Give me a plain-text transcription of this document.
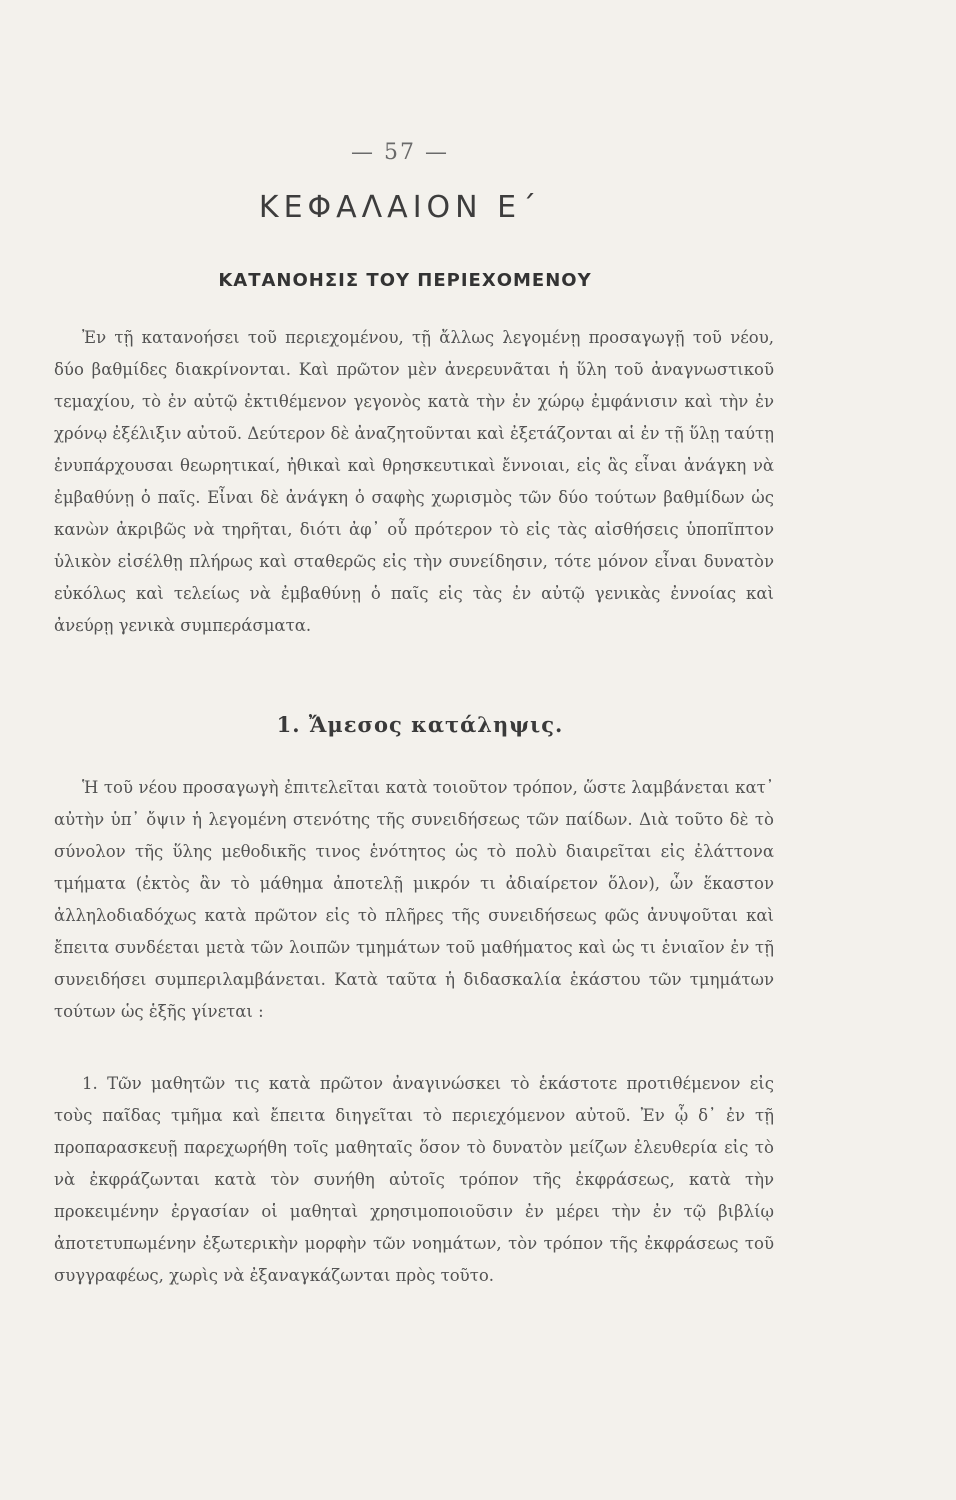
— 57 —
ΚΕΦΑΛΑΙΟΝ Ε΄
ΚΑΤΑΝΟΗΣΙΣ ΤΟΥ ΠΕΡΙΕΧΟΜΕΝΟΥ

Ἐν τῇ κατανοήσει τοῦ περιεχομένου, τῇ ἄλλως λεγομένῃ προσαγωγῇ τοῦ νέου, δύο βαθμίδες διακρίνονται. Καὶ πρῶτον μὲν ἀνερευνᾶται ἡ ὕλη τοῦ ἀναγνωστικοῦ τεμαχίου, τὸ ἐν αὐτῷ ἐκτιθέμενον γεγονὸς κατὰ τὴν ἐν χώρῳ ἐμφάνισιν καὶ τὴν ἐν χρόνῳ ἐξέλιξιν αὐτοῦ. Δεύτερον δὲ ἀναζητοῦνται καὶ ἐξετάζονται αἱ ἐν τῇ ὕλῃ ταύτῃ ἐνυπάρχουσαι θεωρητικαί, ἠθικαὶ καὶ θρησκευτικαὶ ἔννοιαι, εἰς ἃς εἶναι ἀνάγκη νὰ ἐμβαθύνῃ ὁ παῖς. Εἶναι δὲ ἀνάγκη ὁ σαφὴς χωρισμὸς τῶν δύο τούτων βαθμίδων ὡς κανὼν ἀκριβῶς νὰ τηρῆται, διότι ἀφ᾽ οὗ πρότερον τὸ εἰς τὰς αἰσθήσεις ὑποπῖπτον ὑλικὸν εἰσέλθῃ πλήρως καὶ σταθερῶς εἰς τὴν συνείδησιν, τότε μόνον εἶναι δυνατὸν εὐκόλως καὶ τελείως νὰ ἐμβαθύνῃ ὁ παῖς εἰς τὰς ἐν αὐτῷ γενικὰς ἐννοίας καὶ ἀνεύρῃ γενικὰ συμπεράσματα.

1. Ἄμεσος κατάληψις.

Ἡ τοῦ νέου προσαγωγὴ ἐπιτελεῖται κατὰ τοιοῦτον τρόπον, ὥστε λαμβάνεται κατ᾽ αὐτὴν ὑπ᾽ ὄψιν ἡ λεγομένη στενότης τῆς συνειδήσεως τῶν παίδων. Διὰ τοῦτο δὲ τὸ σύνολον τῆς ὕλης μεθοδικῆς τινος ἑνότητος ὡς τὸ πολὺ διαιρεῖται εἰς ἐλάττονα τμήματα (ἐκτὸς ἂν τὸ μάθημα ἀποτελῇ μικρόν τι ἀδιαίρετον ὅλον), ὧν ἕκαστον ἀλληλοδιαδόχως κατὰ πρῶτον εἰς τὸ πλῆρες τῆς συνειδήσεως φῶς ἀνυψοῦται καὶ ἔπειτα συνδέεται μετὰ τῶν λοιπῶν τμημάτων τοῦ μαθήματος καὶ ὡς τι ἑνιαῖον ἐν τῇ συνειδήσει συμπεριλαμβάνεται. Κατὰ ταῦτα ἡ διδασκαλία ἑκάστου τῶν τμημάτων τούτων ὡς ἑξῆς γίνεται :

1. Τῶν μαθητῶν τις κατὰ πρῶτον ἀναγινώσκει τὸ ἑκάστοτε προτιθέμενον εἰς τοὺς παῖδας τμῆμα καὶ ἔπειτα διηγεῖται τὸ περιεχόμενον αὐτοῦ. Ἐν ᾧ δ᾽ ἐν τῇ προπαρασκευῇ παρεχωρήθη τοῖς μαθηταῖς ὅσον τὸ δυνατὸν μείζων ἐλευθερία εἰς τὸ νὰ ἐκφράζωνται κατὰ τὸν συνήθη αὐτοῖς τρόπον τῆς ἐκφράσεως, κατὰ τὴν προκειμένην ἐργασίαν οἱ μαθηταὶ χρησιμοποιοῦσιν ἐν μέρει τὴν ἐν τῷ βιβλίῳ ἀποτετυπωμένην ἐξωτερικὴν μορφὴν τῶν νοημάτων, τὸν τρόπον τῆς ἐκφράσεως τοῦ συγγραφέως, χωρὶς νὰ ἐξαναγκάζωνται πρὸς τοῦτο.
